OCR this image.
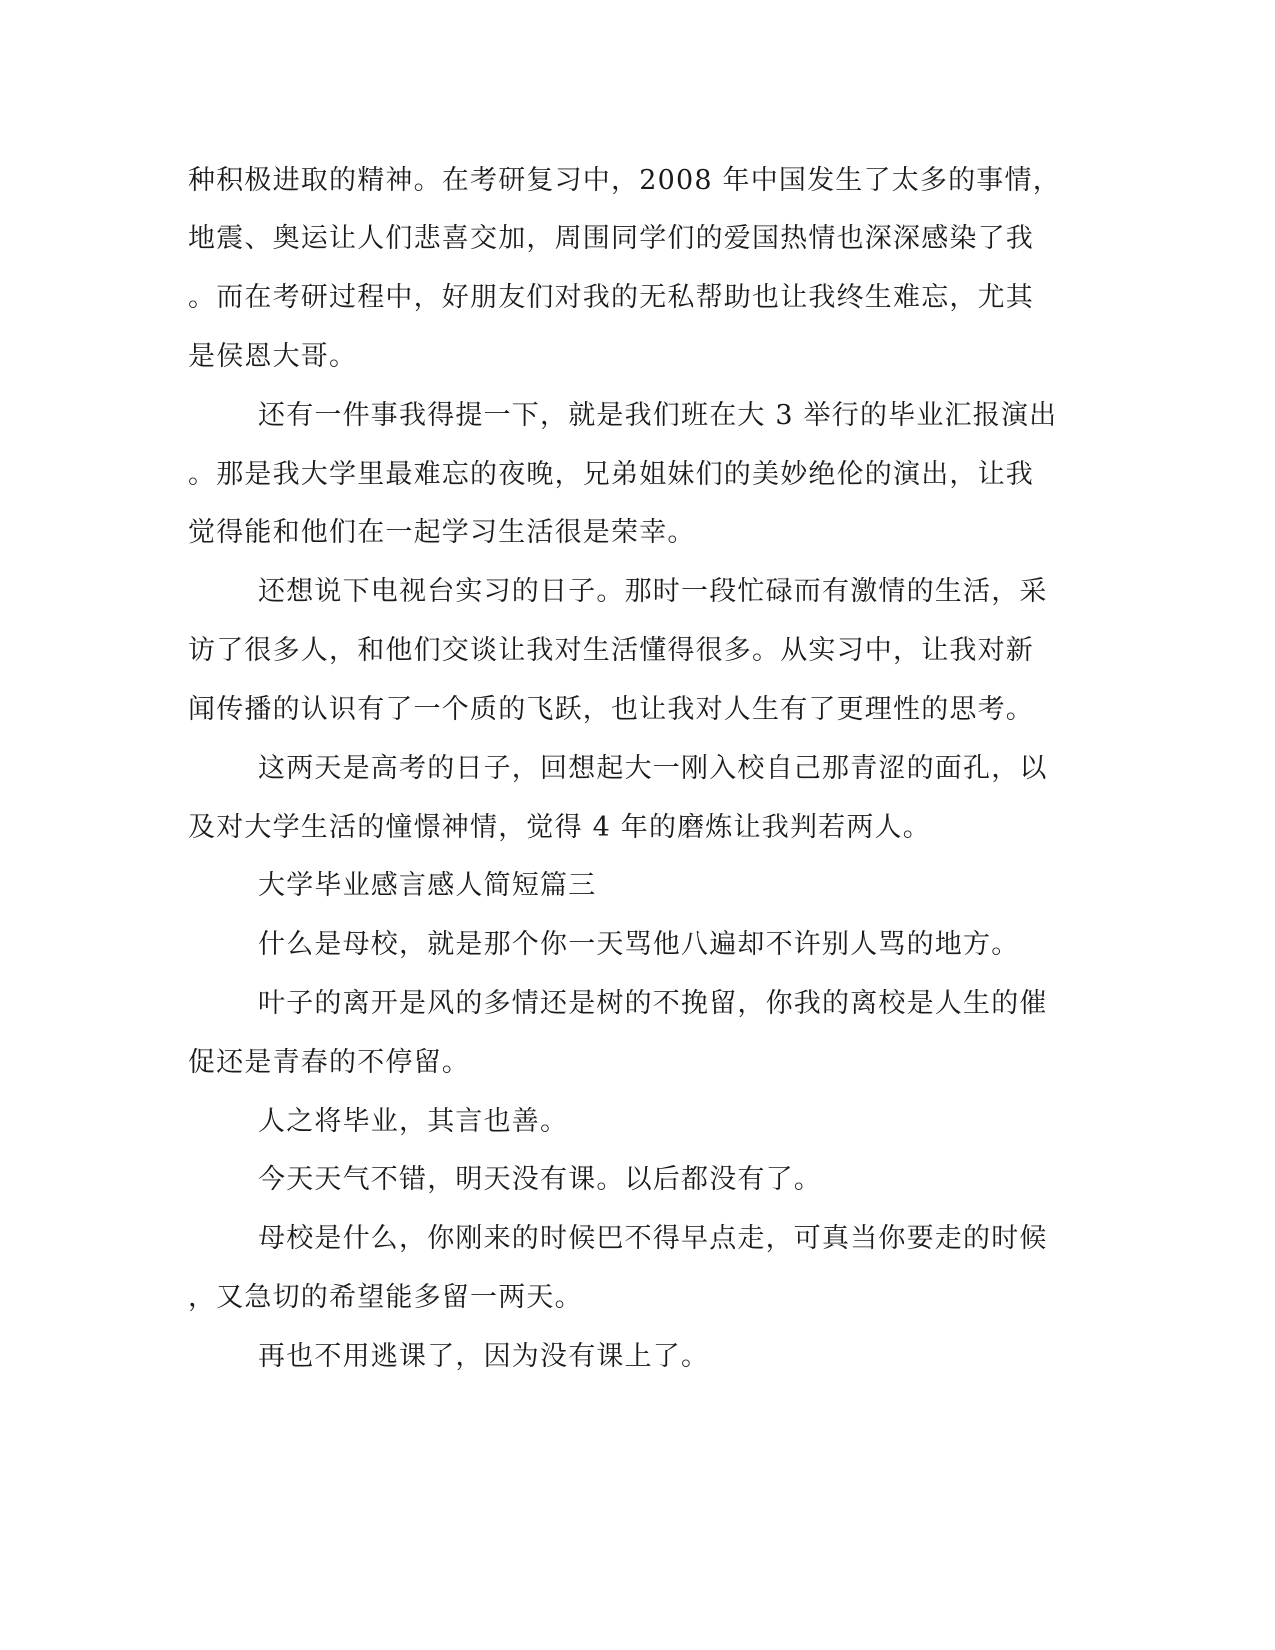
种积极进取的精神。在考研复习中，2008 年中国发生了太多的事情，
地震、奥运让人们悲喜交加，周围同学们的爱国热情也深深感染了我
。而在考研过程中，好朋友们对我的无私帮助也让我终生难忘，尤其
是侯恩大哥。
还有一件事我得提一下，就是我们班在大 3 举行的毕业汇报演出
。那是我大学里最难忘的夜晚，兄弟姐妹们的美妙绝伦的演出，让我
觉得能和他们在一起学习生活很是荣幸。
还想说下电视台实习的日子。那时一段忙碌而有激情的生活，采
访了很多人，和他们交谈让我对生活懂得很多。从实习中，让我对新
闻传播的认识有了一个质的飞跃，也让我对人生有了更理性的思考。
这两天是高考的日子，回想起大一刚入校自己那青涩的面孔，以
及对大学生活的憧憬神情，觉得 4 年的磨炼让我判若两人。
大学毕业感言感人简短篇三
什么是母校，就是那个你一天骂他八遍却不许别人骂的地方。
叶子的离开是风的多情还是树的不挽留，你我的离校是人生的催
促还是青春的不停留。
人之将毕业，其言也善。
今天天气不错，明天没有课。以后都没有了。
母校是什么，你刚来的时候巴不得早点走，可真当你要走的时候
，又急切的希望能多留一两天。
再也不用逃课了，因为没有课上了。
